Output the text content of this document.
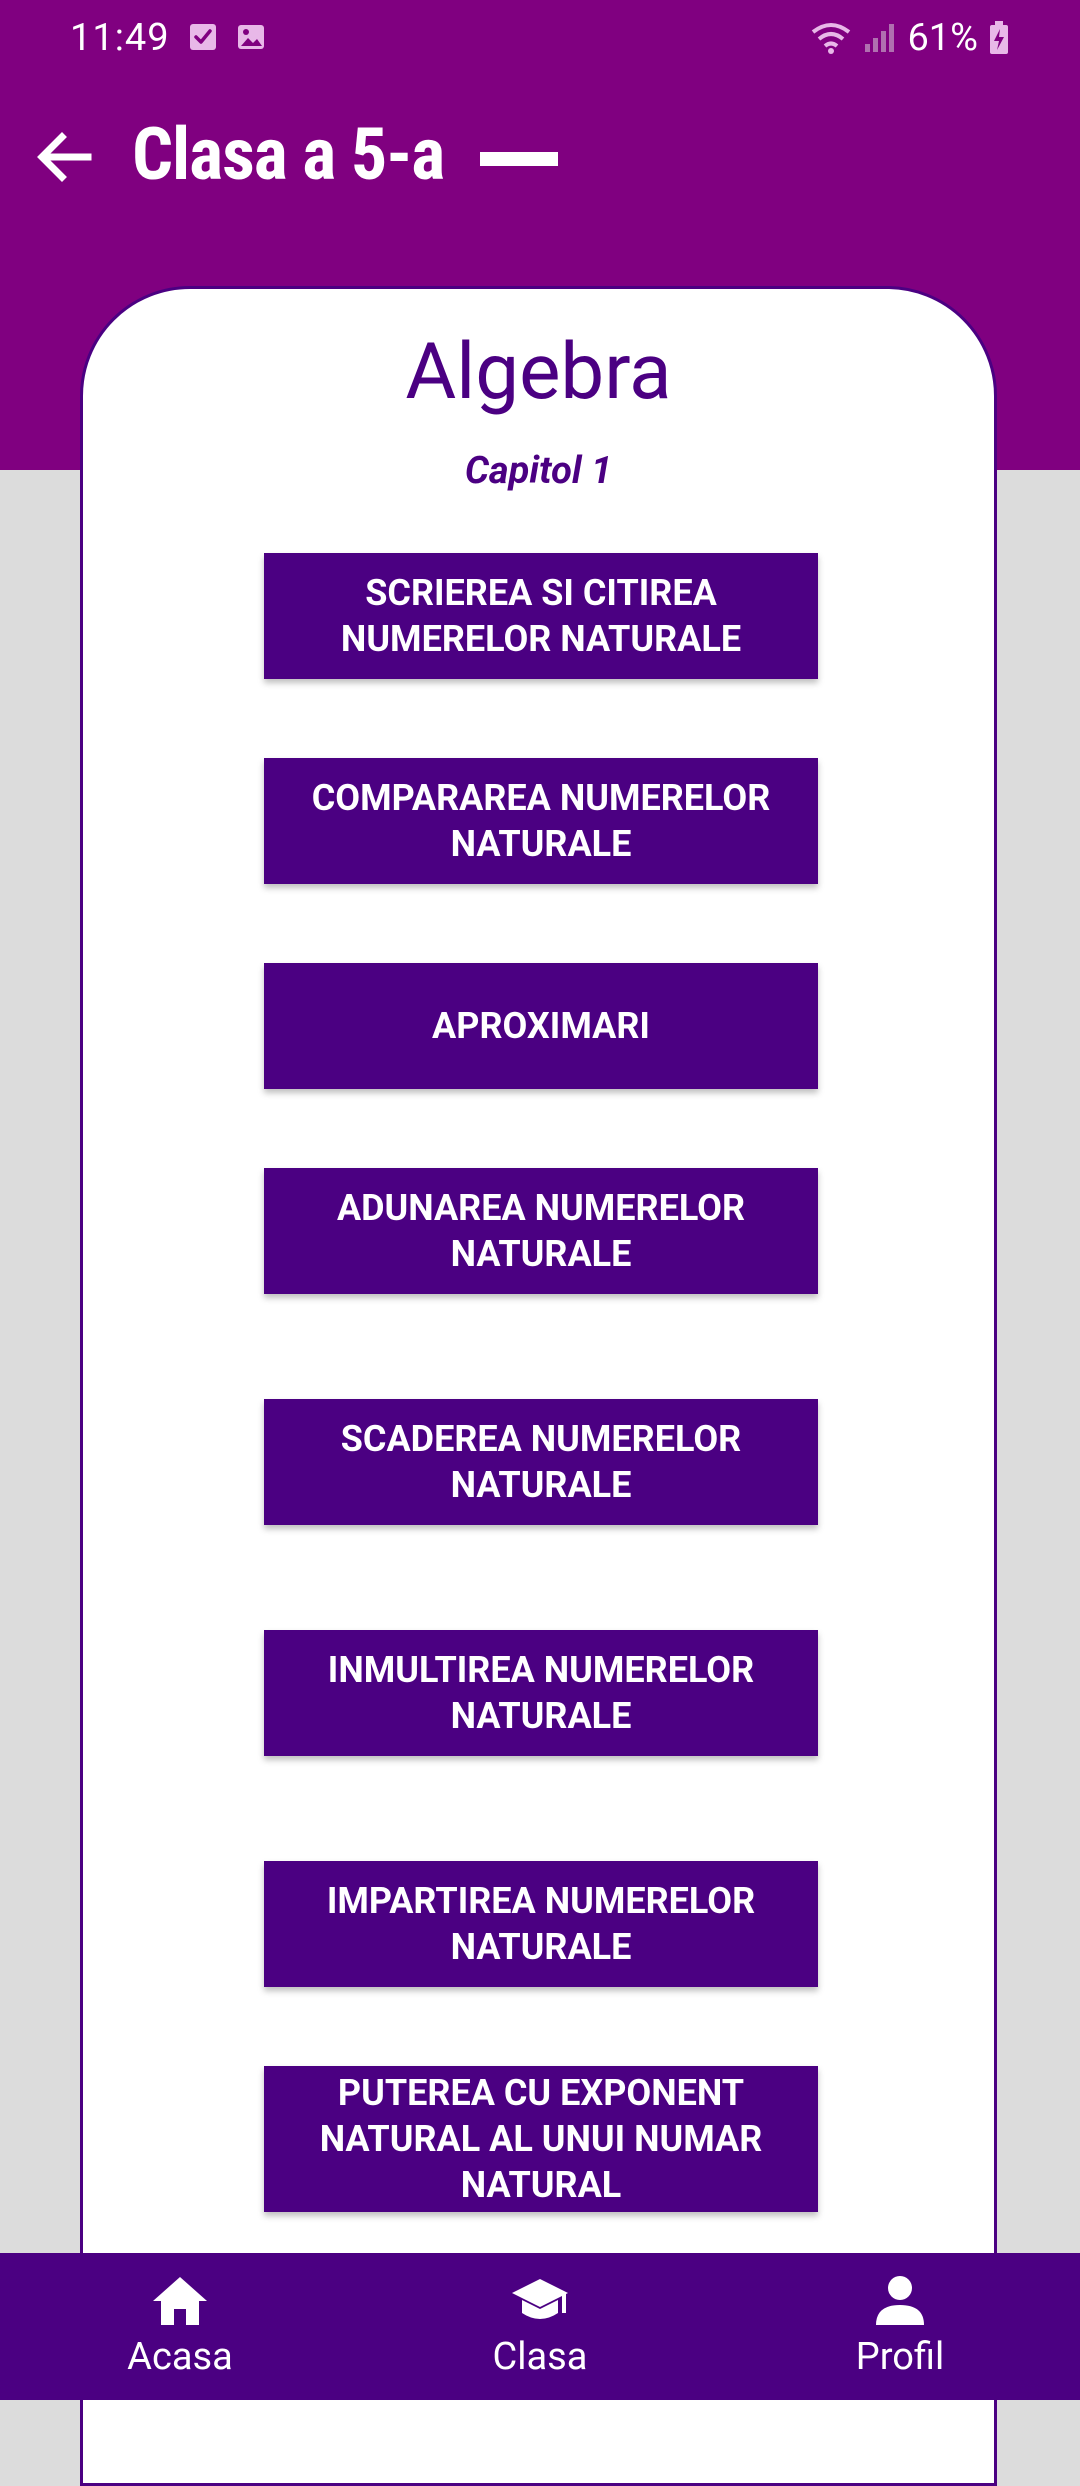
11:49	61%
Clasa a 5-a
Algebra
Capitol 1
SCRIEREA SI CITIREA NUMERELOR NATURALE
COMPARAREA NUMERELOR NATURALE
APROXIMARI
ADUNAREA NUMERELOR NATURALE
SCADEREA NUMERELOR NATURALE
INMULTIREA NUMERELOR NATURALE
IMPARTIREA NUMERELOR NATURALE
PUTEREA CU EXPONENT NATURAL AL UNUI NUMAR NATURAL
Acasa	Clasa	Profil
